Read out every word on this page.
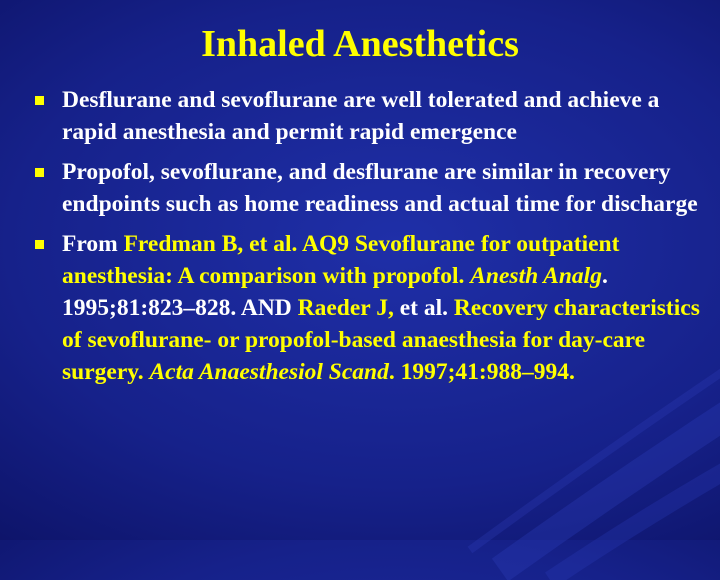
Inhaled Anesthetics
Desflurane and sevoflurane are well tolerated and achieve a rapid anesthesia and permit rapid emergence
Propofol, sevoflurane, and desflurane are similar in recovery endpoints such as home readiness and actual time for discharge
From Fredman B, et al. AQ9 Sevoflurane for outpatient anesthesia: A comparison with propofol. Anesth Analg. 1995;81:823–828. AND Raeder J, et al. Recovery characteristics of sevoflurane- or propofol-based anaesthesia for day-care surgery. Acta Anaesthesiol Scand. 1997;41:988–994.
